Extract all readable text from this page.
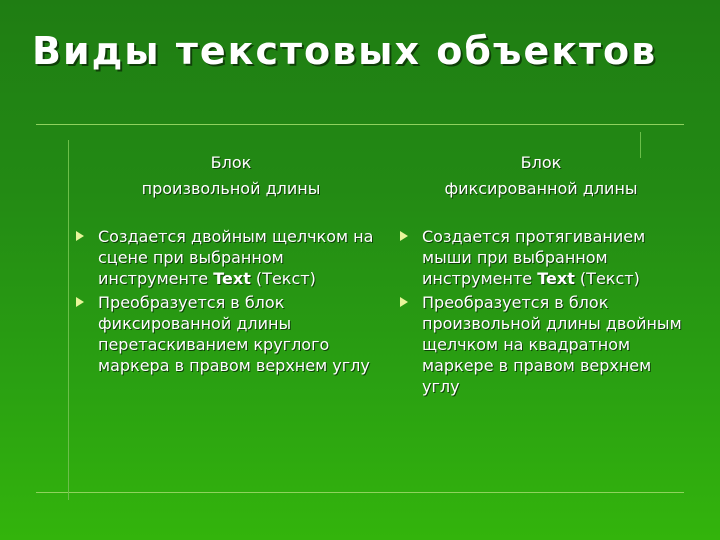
Виды текстовых объектов
Блок
произвольной длины
Создается двойным щелчком на сцене при выбранном инструменте Text (Текст)
Преобразуется в блок фиксированной длины перетаскиванием круглого маркера в правом верхнем углу
Блок
фиксированной длины
Создается протягиванием мыши при выбранном инструменте Text (Текст)
Преобразуется в блок произвольной длины двойным щелчком на квадратном маркере в правом верхнем углу
